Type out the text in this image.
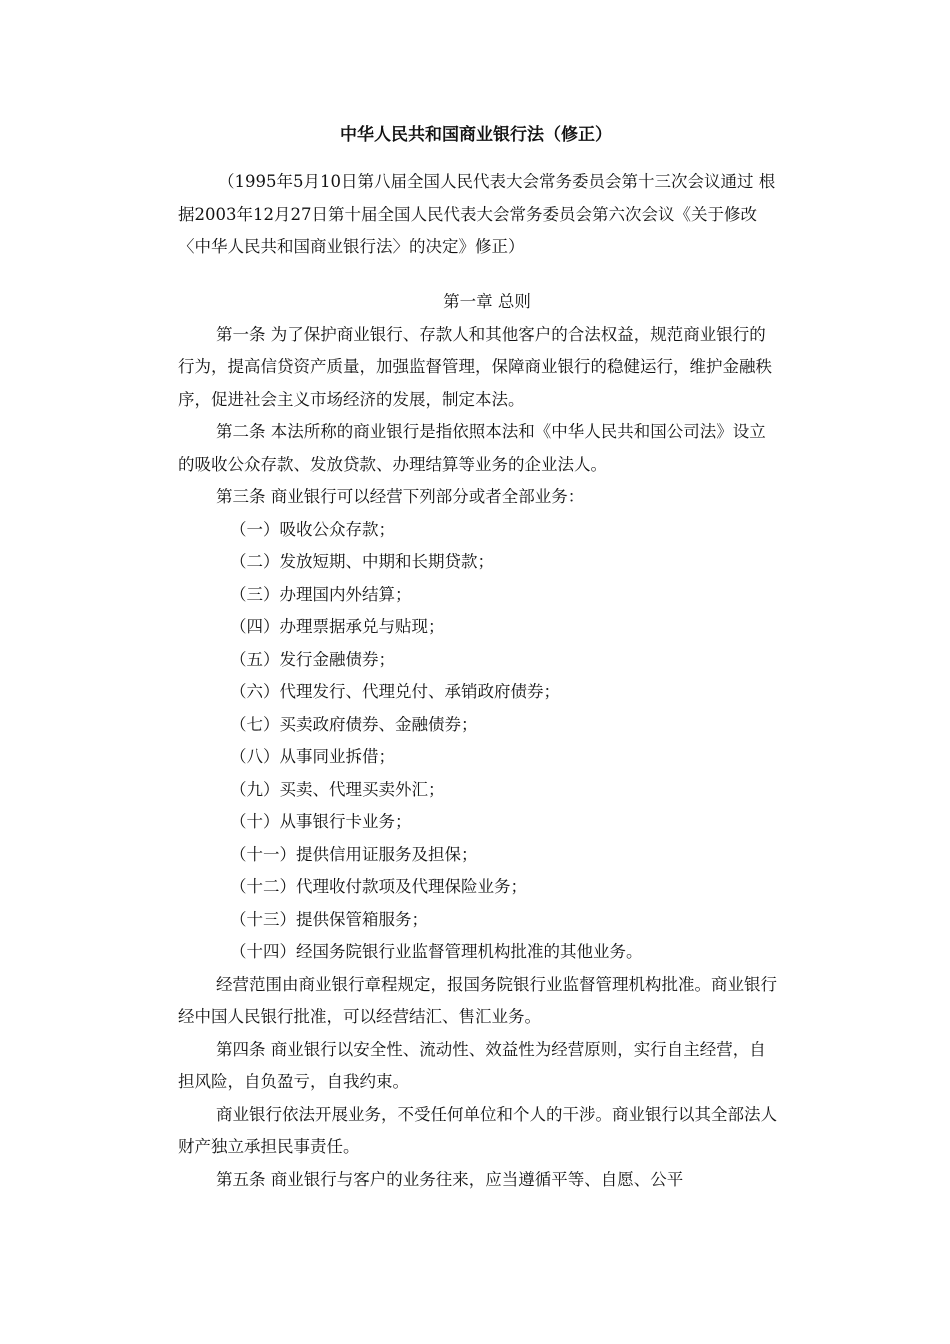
中华人民共和国商业银行法（修正）

（1995年5月10日第八届全国人民代表大会常务委员会第十三次会议通过 根据2003年12月27日第十届全国人民代表大会常务委员会第六次会议《关于修改〈中华人民共和国商业银行法〉的决定》修正）

第一章 总则

第一条 为了保护商业银行、存款人和其他客户的合法权益，规范商业银行的行为，提高信贷资产质量，加强监督管理，保障商业银行的稳健运行，维护金融秩序，促进社会主义市场经济的发展，制定本法。

第二条 本法所称的商业银行是指依照本法和《中华人民共和国公司法》设立的吸收公众存款、发放贷款、办理结算等业务的企业法人。

第三条 商业银行可以经营下列部分或者全部业务：

（一）吸收公众存款；

（二）发放短期、中期和长期贷款；

（三）办理国内外结算；

（四）办理票据承兑与贴现；

（五）发行金融债券；

（六）代理发行、代理兑付、承销政府债券；

（七）买卖政府债券、金融债券；

（八）从事同业拆借；

（九）买卖、代理买卖外汇；

（十）从事银行卡业务；

（十一）提供信用证服务及担保；

（十二）代理收付款项及代理保险业务；

（十三）提供保管箱服务；

（十四）经国务院银行业监督管理机构批准的其他业务。

经营范围由商业银行章程规定，报国务院银行业监督管理机构批准。商业银行经中国人民银行批准，可以经营结汇、售汇业务。

第四条 商业银行以安全性、流动性、效益性为经营原则，实行自主经营，自担风险，自负盈亏，自我约束。

商业银行依法开展业务，不受任何单位和个人的干涉。商业银行以其全部法人财产独立承担民事责任。

第五条 商业银行与客户的业务往来，应当遵循平等、自愿、公平
